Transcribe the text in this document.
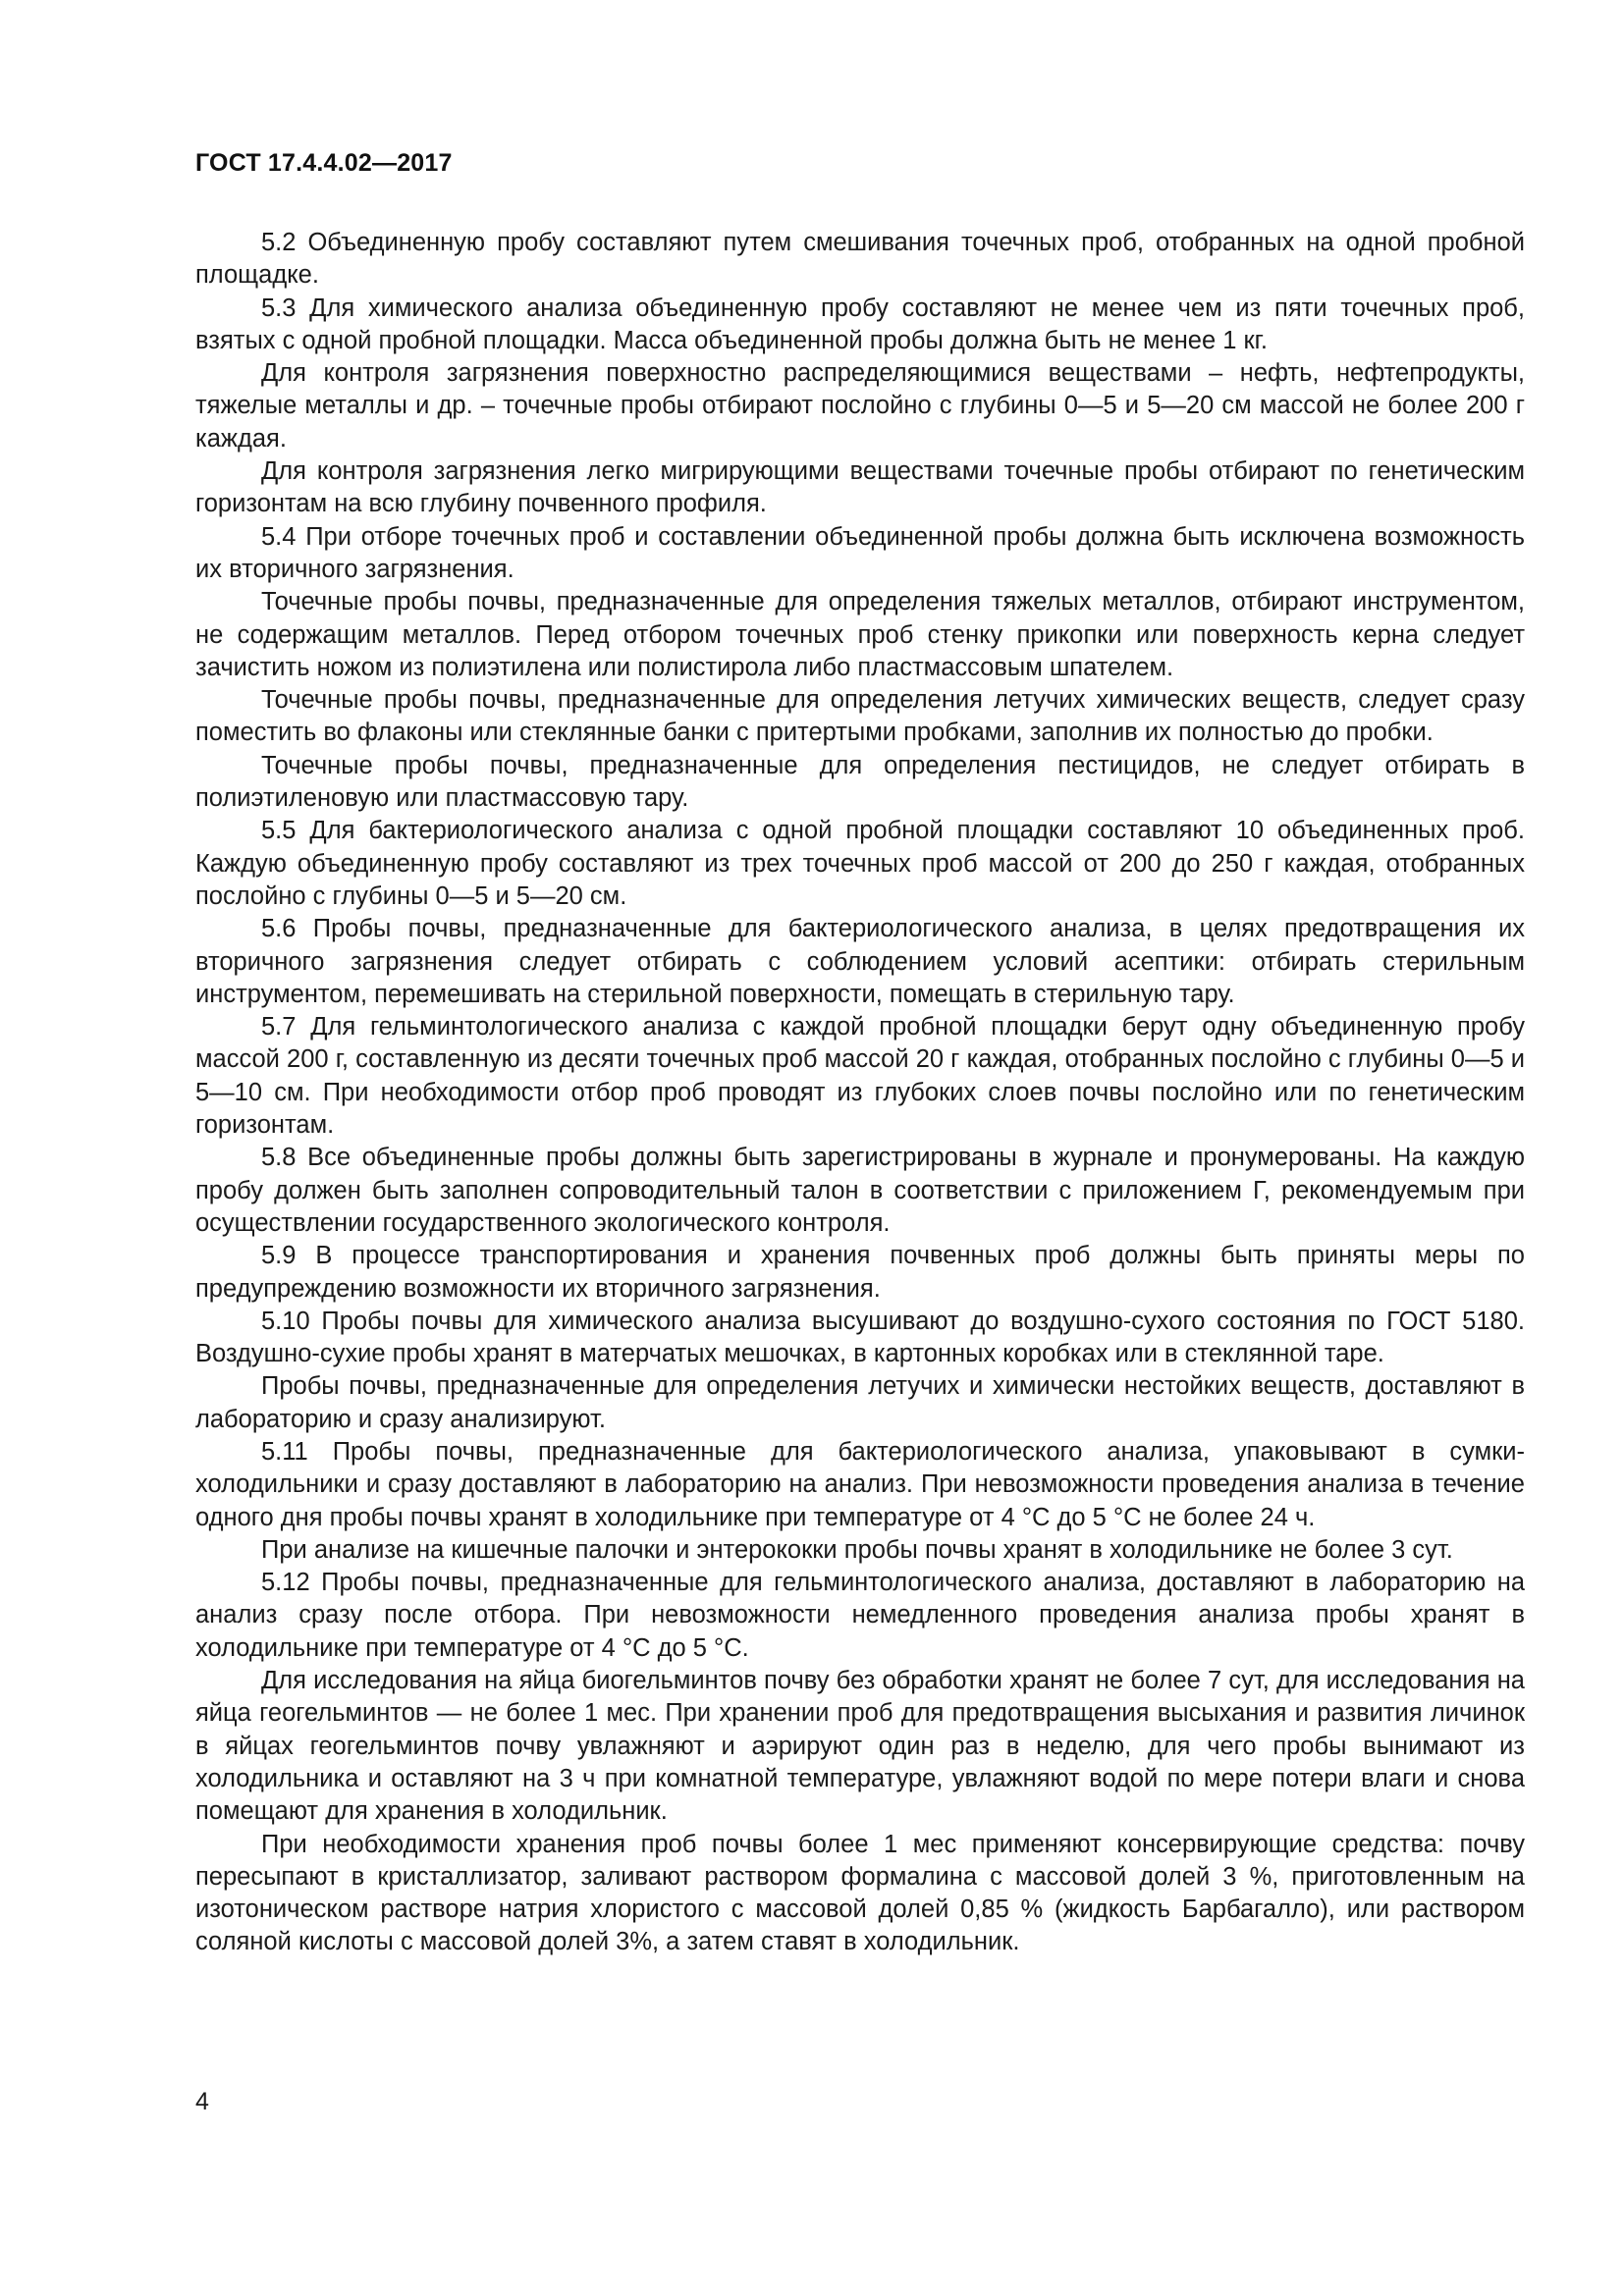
ГОСТ 17.4.4.02—2017

5.2 Объединенную пробу составляют путем смешивания точечных проб, отобранных на одной пробной площадке.

5.3 Для химического анализа объединенную пробу составляют не менее чем из пяти точечных проб, взятых с одной пробной площадки. Масса объединенной пробы должна быть не менее 1 кг.

Для контроля загрязнения поверхностно распределяющимися веществами – нефть, нефтепродукты, тяжелые металлы и др. – точечные пробы отбирают послойно с глубины 0—5 и 5—20 см массой не более 200 г каждая.

Для контроля загрязнения легко мигрирующими веществами точечные пробы отбирают по генетическим горизонтам на всю глубину почвенного профиля.

5.4 При отборе точечных проб и составлении объединенной пробы должна быть исключена возможность их вторичного загрязнения.

Точечные пробы почвы, предназначенные для определения тяжелых металлов, отбирают инструментом, не содержащим металлов. Перед отбором точечных проб стенку прикопки или поверхность керна следует зачистить ножом из полиэтилена или полистирола либо пластмассовым шпателем.

Точечные пробы почвы, предназначенные для определения летучих химических веществ, следует сразу поместить во флаконы или стеклянные банки с притертыми пробками, заполнив их полностью до пробки.

Точечные пробы почвы, предназначенные для определения пестицидов, не следует отбирать в полиэтиленовую или пластмассовую тару.

5.5 Для бактериологического анализа с одной пробной площадки составляют 10 объединенных проб. Каждую объединенную пробу составляют из трех точечных проб массой от 200 до 250 г каждая, отобранных послойно с глубины 0—5 и 5—20 см.

5.6 Пробы почвы, предназначенные для бактериологического анализа, в целях предотвращения их вторичного загрязнения следует отбирать с соблюдением условий асептики: отбирать стерильным инструментом, перемешивать на стерильной поверхности, помещать в стерильную тару.

5.7 Для гельминтологического анализа с каждой пробной площадки берут одну объединенную пробу массой 200 г, составленную из десяти точечных проб массой 20 г каждая, отобранных послойно с глубины 0—5 и 5—10 см. При необходимости отбор проб проводят из глубоких слоев почвы послойно или по генетическим горизонтам.

5.8 Все объединенные пробы должны быть зарегистрированы в журнале и пронумерованы. На каждую пробу должен быть заполнен сопроводительный талон в соответствии с приложением Г, рекомендуемым при осуществлении государственного экологического контроля.

5.9 В процессе транспортирования и хранения почвенных проб должны быть приняты меры по предупреждению возможности их вторичного загрязнения.

5.10 Пробы почвы для химического анализа высушивают до воздушно-сухого состояния по ГОСТ 5180. Воздушно-сухие пробы хранят в матерчатых мешочках, в картонных коробках или в стеклянной таре.

Пробы почвы, предназначенные для определения летучих и химически нестойких веществ, доставляют в лабораторию и сразу анализируют.

5.11 Пробы почвы, предназначенные для бактериологического анализа, упаковывают в сумки-холодильники и сразу доставляют в лабораторию на анализ. При невозможности проведения анализа в течение одного дня пробы почвы хранят в холодильнике при температуре от 4 °С до 5 °С не более 24 ч.

При анализе на кишечные палочки и энтерококки пробы почвы хранят в холодильнике не более 3 сут.

5.12 Пробы почвы, предназначенные для гельминтологического анализа, доставляют в лабораторию на анализ сразу после отбора. При невозможности немедленного проведения анализа пробы хранят в холодильнике при температуре от 4 °С до 5 °С.

Для исследования на яйца биогельминтов почву без обработки хранят не более 7 сут, для исследования на яйца геогельминтов — не более 1 мес. При хранении проб для предотвращения высыхания и развития личинок в яйцах геогельминтов почву увлажняют и аэрируют один раз в неделю, для чего пробы вынимают из холодильника и оставляют на 3 ч при комнатной температуре, увлажняют водой по мере потери влаги и снова помещают для хранения в холодильник.

При необходимости хранения проб почвы более 1 мес применяют консервирующие средства: почву пересыпают в кристаллизатор, заливают раствором формалина с массовой долей 3 %, приготовленным на изотоническом растворе натрия хлористого с массовой долей 0,85 % (жидкость Барбагалло), или раствором соляной кислоты с массовой долей 3%, а затем ставят в холодильник.

4
